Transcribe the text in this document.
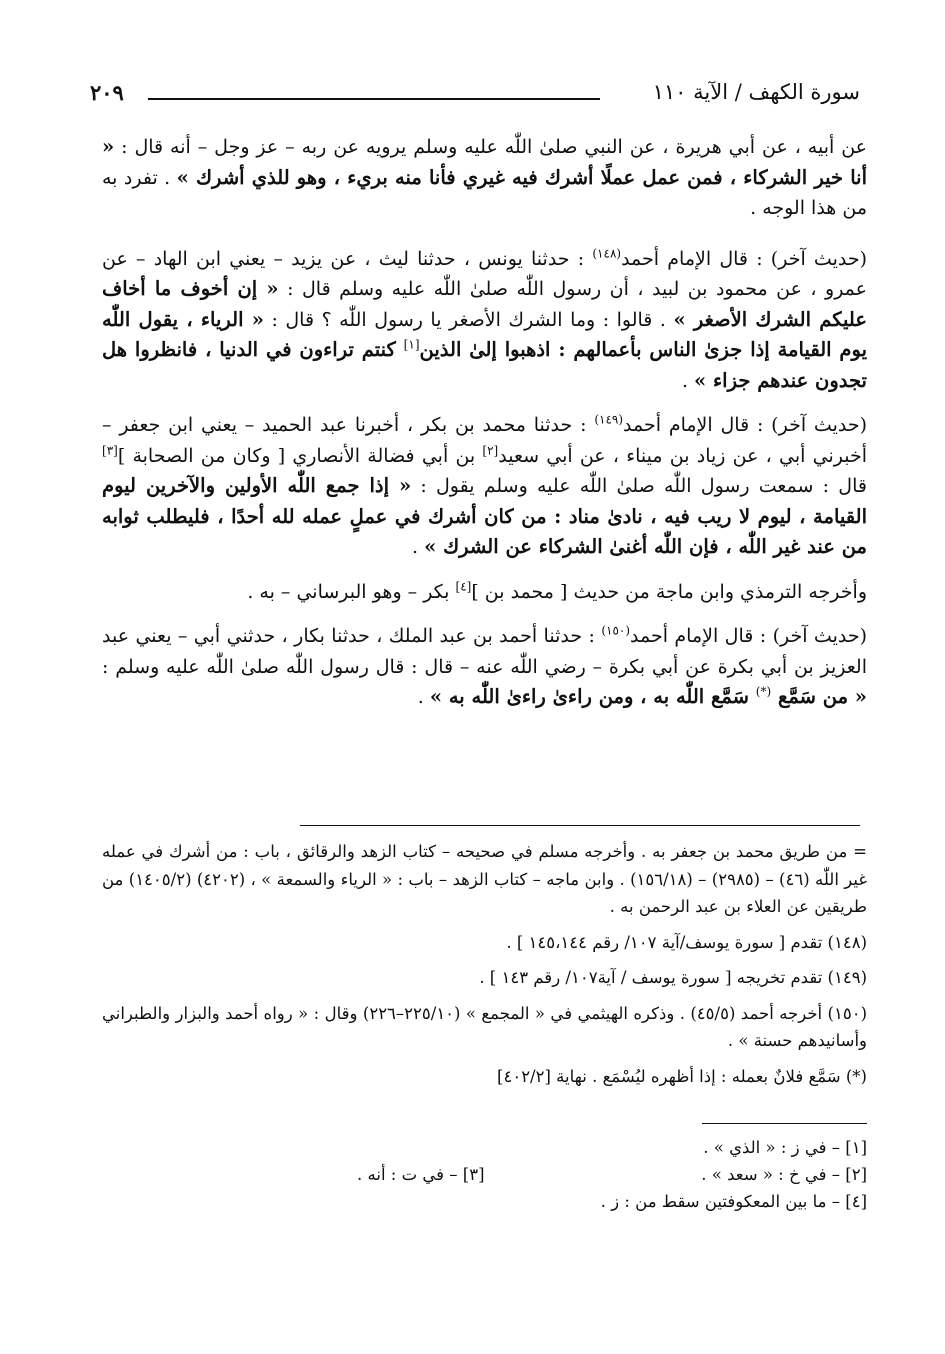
سورة الكهف / الآية ١١٠
٢٠٩

عن أبيه ، عن أبي هريرة ، عن النبي صلىٰ اللّٰه عليه وسلم يرويه عن ربه – عز وجل – أنه قال : « أنا خير الشركاء ، فمن عمل عملًا أشرك فيه غيري فأنا منه بريء ، وهو للذي أشرك » . تفرد به من هذا الوجه .

(حديث آخر) : قال الإمام أحمد$^{(١٤٨)}$ : حدثنا يونس ، حدثنا ليث ، عن يزيد – يعني ابن الهاد – عن عمرو ، عن محمود بن لبيد ، أن رسول اللّٰه صلىٰ اللّٰه عليه وسلم قال : « إن أخوف ما أخاف عليكم الشرك الأصغر » . قالوا : وما الشرك الأصغر يا رسول اللّٰه ؟ قال : « الرياء ، يقول اللّٰه يوم القيامة إذا جزىٰ الناس بأعمالهم : اذهبوا إلىٰ الذين[١] كنتم تراءون في الدنيا ، فانظروا هل تجدون عندهم جزاء » .

(حديث آخر) : قال الإمام أحمد$^{(١٤٩)}$ : حدثنا محمد بن بكر ، أخبرنا عبد الحميد – يعني ابن جعفر – أخبرني أبي ، عن زياد بن ميناء ، عن أبي سعيد[٢] بن أبي فضالة الأنصاري [ وكان من الصحابة ][٣] قال : سمعت رسول اللّٰه صلىٰ اللّٰه عليه وسلم يقول : « إذا جمع اللّٰه الأولين والآخرين ليوم القيامة ، ليوم لا ريب فيه ، نادىٰ مناد : من كان أشرك في عملٍ عمله لله أحدًا ، فليطلب ثوابه من عند غير اللّٰه ، فإن اللّٰه أغنىٰ الشركاء عن الشرك » .

وأخرجه الترمذي وابن ماجة من حديث [ محمد بن ][٤] بكر – وهو البرساني – به .

(حديث آخر) : قال الإمام أحمد$^{(١٥٠)}$ : حدثنا أحمد بن عبد الملك ، حدثنا بكار ، حدثني أبي – يعني عبد العزيز بن أبي بكرة عن أبي بكرة – رضي اللّٰه عنه – قال : قال رسول اللّٰه صلىٰ اللّٰه عليه وسلم : « من سَمَّع (*) سَمَّع اللّٰه به ، ومن راءىٰ راءىٰ اللّٰه به » .

= من طريق محمد بن جعفر به . وأخرجه مسلم في صحيحه – كتاب الزهد والرقائق ، باب : من أشرك في عمله غير اللّٰه (٤٦) – (٢٩٨٥) – (١٥٦/١٨) . وابن ماجه – كتاب الزهد – باب : « الرياء والسمعة » ، (٤٢٠٢) (١٤٠٥/٢) من طريقين عن العلاء بن عبد الرحمن به .

(١٤٨) تقدم [ سورة يوسف/آية ١٠٧/ رقم ١٤٥،١٤٤ ] .

(١٤٩) تقدم تخريجه [ سورة يوسف / آية١٠٧/ رقم ١٤٣ ] .

(١٥٠) أخرجه أحمد (٤٥/٥) . وذكره الهيثمي في « المجمع » (٢٢٥/١٠–٢٢٦) وقال : « رواه أحمد والبزار والطبراني وأسانيدهم حسنة » .

(*) سَمَّع فلانٌ بعمله : إذا أظهره ليُسْمَع . نهاية [٤٠٢/٢]

[١] – في ز : « الذي » .
[٢] – في خ : « سعد » .
[٣] – في ت : أنه .
[٤] – ما بين المعكوفتين سقط من : ز .
